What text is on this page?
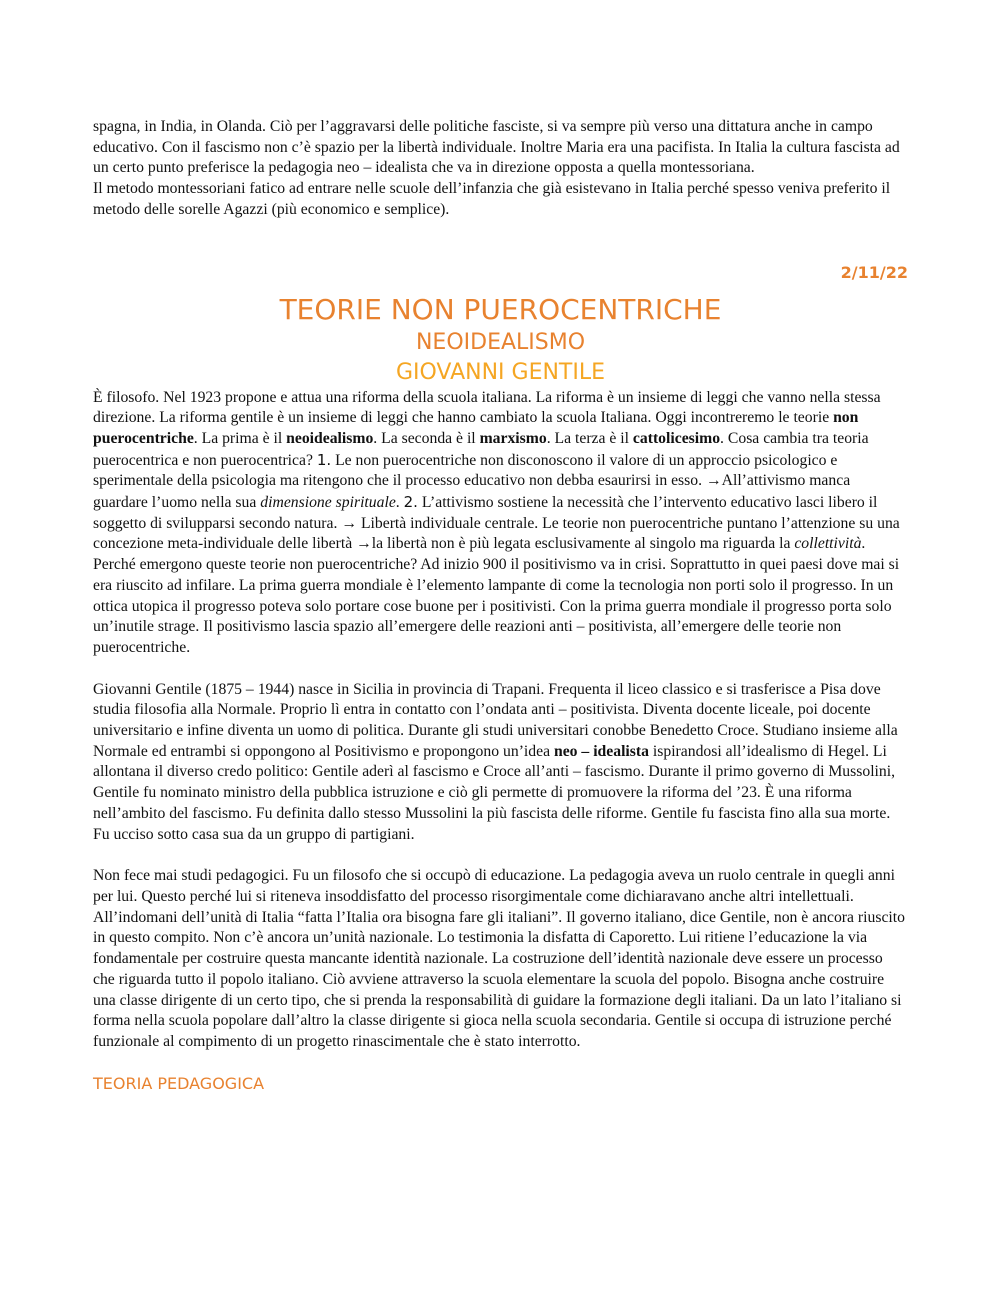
spagna, in India, in Olanda. Ciò per l’aggravarsi delle politiche fasciste, si va sempre più verso una dittatura anche in campo educativo. Con il fascismo non c’è spazio per la libertà individuale. Inoltre Maria era una pacifista. In Italia la cultura fascista ad un certo punto preferisce la pedagogia neo – idealista che va in direzione opposta a quella montessoriana.

Il metodo montessoriani fatico ad entrare nelle scuole dell’infanzia che già esistevano in Italia perché spesso veniva preferito il metodo delle sorelle Agazzi (più economico e semplice).

2/11/22
TEORIE NON PUEROCENTRICHE
NEOIDEALISMO
GIOVANNI GENTILE

È filosofo. Nel 1923 propone e attua una riforma della scuola italiana. La riforma è un insieme di leggi che vanno nella stessa direzione. La riforma gentile è un insieme di leggi che hanno cambiato la scuola Italiana. Oggi incontreremo le teorie non puerocentriche. La prima è il neoidealismo. La seconda è il marxismo. La terza è il cattolicesimo. Cosa cambia tra teoria puerocentrica e non puerocentrica? 1. Le non puerocentriche non disconoscono il valore di un approccio psicologico e sperimentale della psicologia ma ritengono che il processo educativo non debba esaurirsi in esso. →All’attivismo manca guardare l’uomo nella sua dimensione spirituale. 2. L’attivismo sostiene la necessità che l’intervento educativo lasci libero il soggetto di svilupparsi secondo natura. → Libertà individuale centrale. Le teorie non puerocentriche puntano l’attenzione su una concezione meta-individuale delle libertà →la libertà non è più legata esclusivamente al singolo ma riguarda la collettività. Perché emergono queste teorie non puerocentriche? Ad inizio 900 il positivismo va in crisi. Soprattutto in quei paesi dove mai si era riuscito ad infilare. La prima guerra mondiale è l’elemento lampante di come la tecnologia non porti solo il progresso. In un ottica utopica il progresso poteva solo portare cose buone per i positivisti. Con la prima guerra mondiale il progresso porta solo un’inutile strage. Il positivismo lascia spazio all’emergere delle reazioni anti – positivista, all’emergere delle teorie non puerocentriche.

Giovanni Gentile (1875 – 1944) nasce in Sicilia in provincia di Trapani. Frequenta il liceo classico e si trasferisce a Pisa dove studia filosofia alla Normale. Proprio lì entra in contatto con l’ondata anti – positivista. Diventa docente liceale, poi docente universitario e infine diventa un uomo di politica. Durante gli studi universitari conobbe Benedetto Croce. Studiano insieme alla Normale ed entrambi si oppongono al Positivismo e propongono un’idea neo – idealista ispirandosi all’idealismo di Hegel. Li allontana il diverso credo politico: Gentile aderì al fascismo e Croce all’anti – fascismo. Durante il primo governo di Mussolini, Gentile fu nominato ministro della pubblica istruzione e ciò gli permette di promuovere la riforma del ’23. È una riforma nell’ambito del fascismo. Fu definita dallo stesso Mussolini la più fascista delle riforme. Gentile fu fascista fino alla sua morte. Fu ucciso sotto casa sua da un gruppo di partigiani.

Non fece mai studi pedagogici. Fu un filosofo che si occupò di educazione. La pedagogia aveva un ruolo centrale in quegli anni per lui. Questo perché lui si riteneva insoddisfatto del processo risorgimentale come dichiaravano anche altri intellettuali. All’indomani dell’unità di Italia “fatta l’Italia ora bisogna fare gli italiani”. Il governo italiano, dice Gentile, non è ancora riuscito in questo compito. Non c’è ancora un’unità nazionale. Lo testimonia la disfatta di Caporetto. Lui ritiene l’educazione la via fondamentale per costruire questa mancante identità nazionale. La costruzione dell’identità nazionale deve essere un processo che riguarda tutto il popolo italiano. Ciò avviene attraverso la scuola elementare la scuola del popolo. Bisogna anche costruire una classe dirigente di un certo tipo, che si prenda la responsabilità di guidare la formazione degli italiani. Da un lato l’italiano si forma nella scuola popolare dall’altro la classe dirigente si gioca nella scuola secondaria. Gentile si occupa di istruzione perché funzionale al compimento di un progetto rinascimentale che è stato interrotto.

TEORIA PEDAGOGICA
